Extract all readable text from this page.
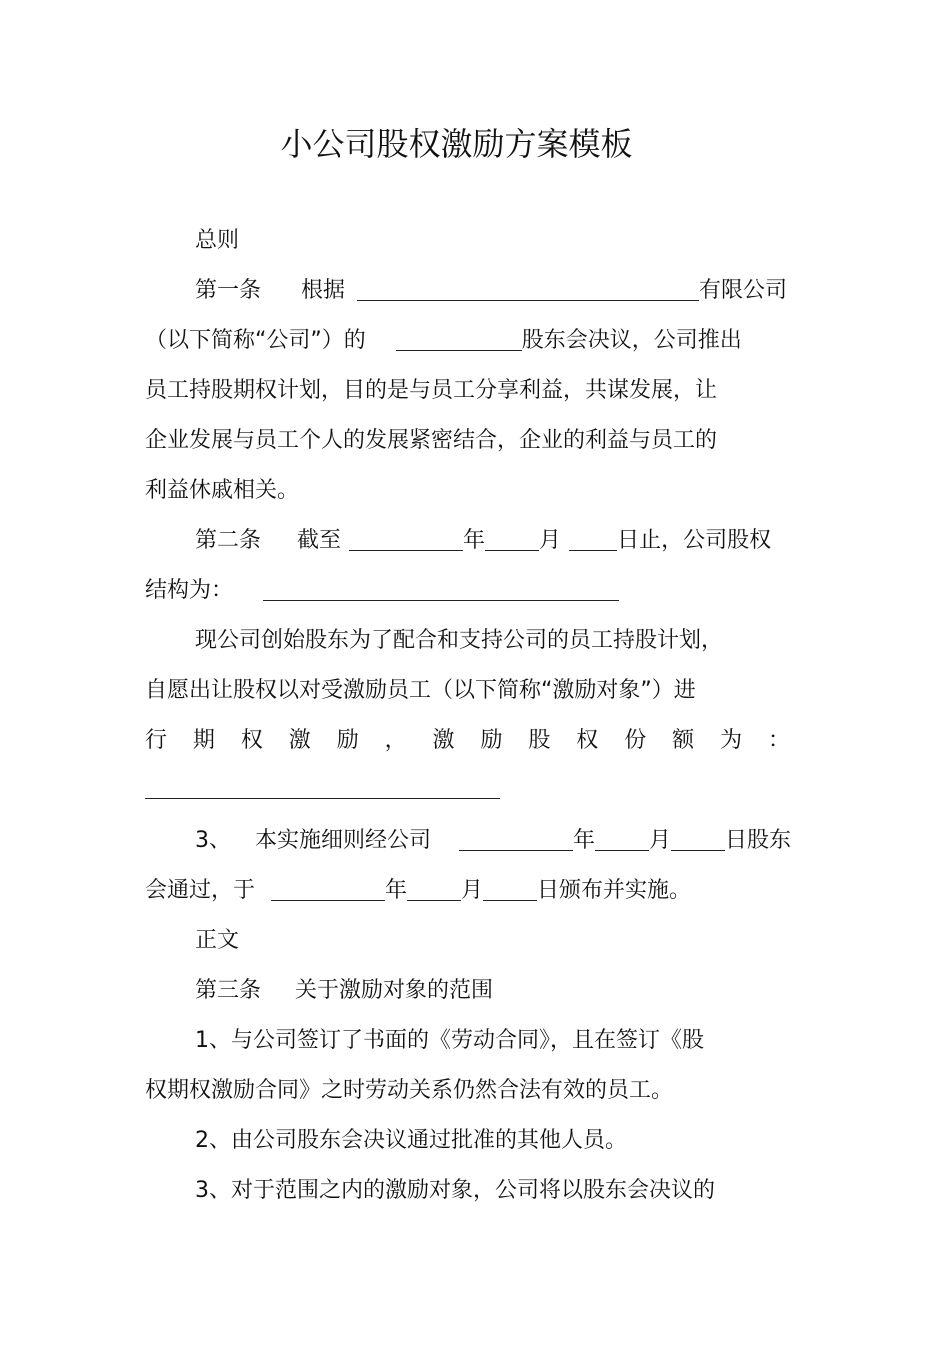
小公司股权激励方案模板
总则
第一条 根据	有限公司
（以下简称“公司”）的	股东会决议，公司推出
员工持股期权计划，目的是与员工分享利益，共谋发展，让
企业发展与员工个人的发展紧密结合，企业的利益与员工的
利益休戚相关。
第二条 截至	年 月	日止，公司股权
结构为：
现公司创始股东为了配合和支持公司的员工持股计划，
自愿出让股权以对受激励员工（以下简称“激励对象”）进
行 期 权 激 励 ， 激 励 股 权 份 额 为 ：
3、 本实施细则经公司	年 月 日股东
会通过，于	年 月 日颁布并实施。
正文
第三条 关于激励对象的范围
1、与公司签订了书面的《劳动合同》，且在签订《股
权期权激励合同》之时劳动关系仍然合法有效的员工。
2、由公司股东会决议通过批准的其他人员。
3、对于范围之内的激励对象，公司将以股东会决议的
